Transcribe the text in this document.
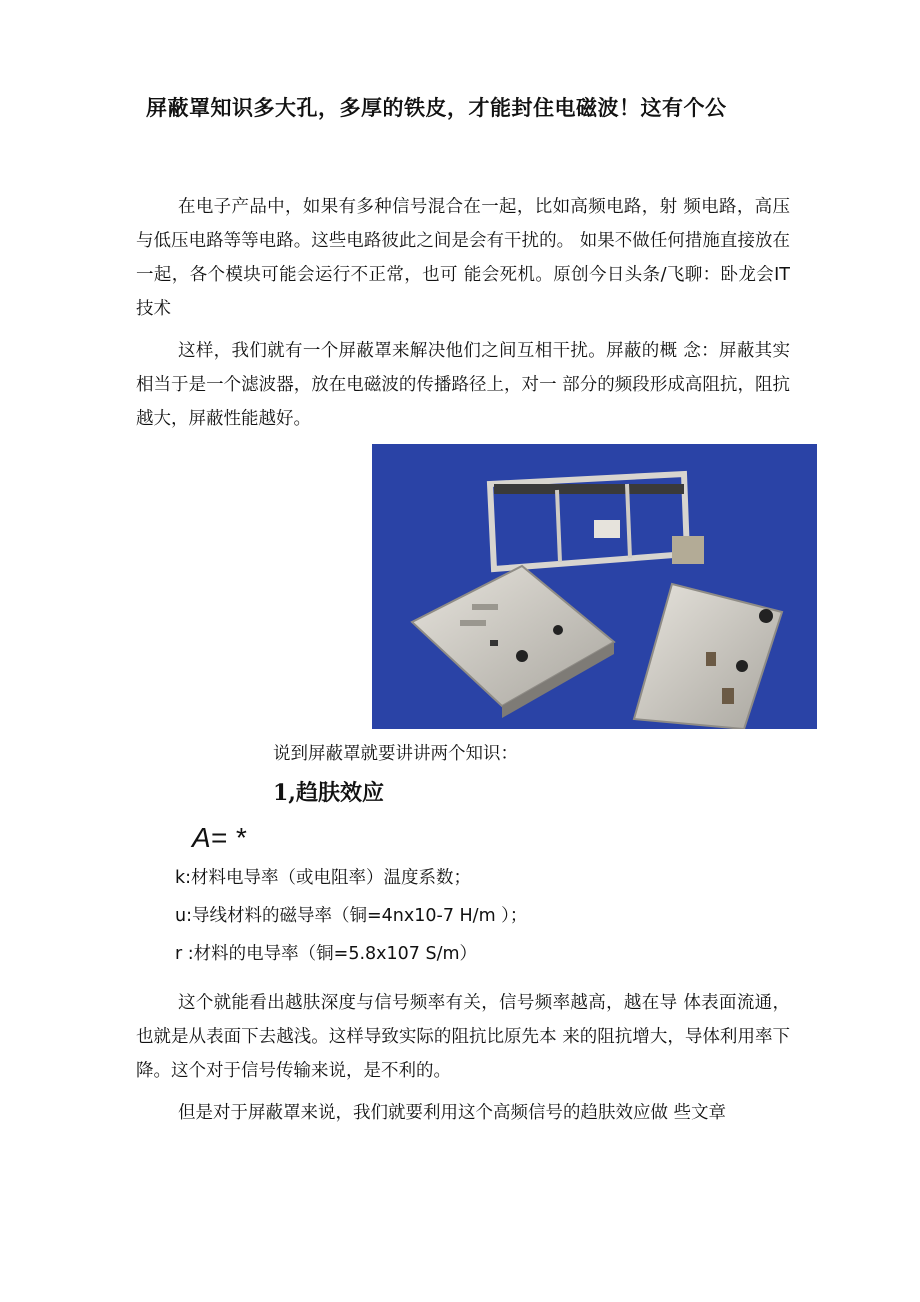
屏蔽罩知识多大孔，多厚的铁皮，才能封住电磁波！这有个公

在电子产品中，如果有多种信号混合在一起，比如高频电路，射 频电路，高压与低压电路等等电路。这些电路彼此之间是会有干扰的。 如果不做任何措施直接放在一起，各个模块可能会运行不正常，也可 能会死机。原创今日头条/飞聊：卧龙会IT技术

这样，我们就有一个屏蔽罩来解决他们之间互相干扰。屏蔽的概 念：屏蔽其实相当于是一个滤波器，放在电磁波的传播路径上，对一 部分的频段形成高阻抗，阻抗越大，屏蔽性能越好。

说到屏蔽罩就要讲讲两个知识：
1,趋肤效应
A= *
k:材料电导率（或电阻率）温度系数；
u:导线材料的磁导率（铜=4nx10-7 H/m ）；
r :材料的电导率（铜=5.8x107 S/m）

这个就能看出越肤深度与信号频率有关，信号频率越高，越在导 体表面流通，也就是从表面下去越浅。这样导致实际的阻抗比原先本 来的阻抗增大，导体利用率下降。这个对于信号传输来说，是不利的。

但是对于屏蔽罩来说，我们就要利用这个高频信号的趋肤效应做 些文章
